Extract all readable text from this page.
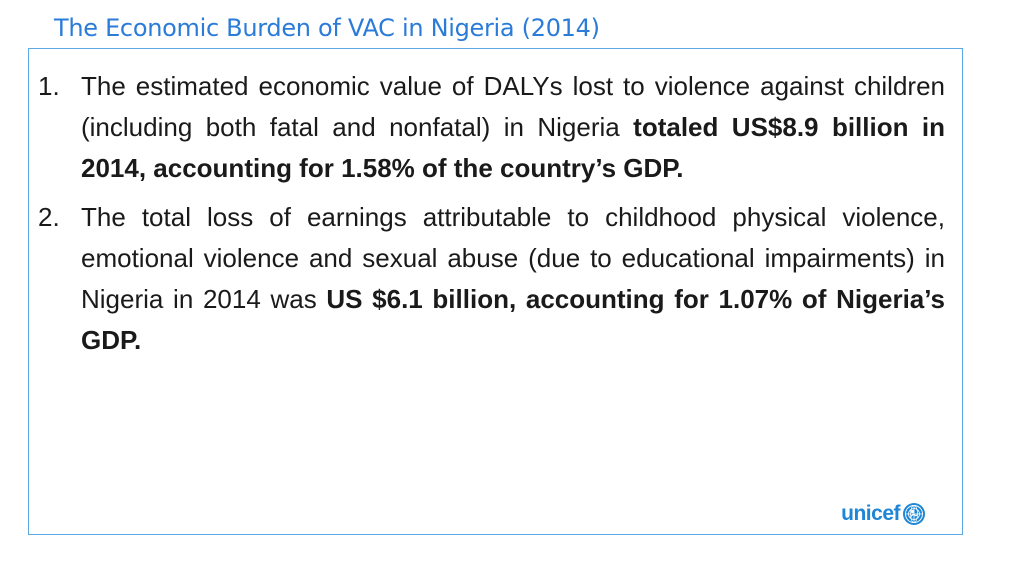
The Economic Burden of VAC in Nigeria (2014)
1. The estimated economic value of DALYs lost to violence against children (including both fatal and nonfatal) in Nigeria totaled US$8.9 billion in 2014, accounting for 1.58% of the country’s GDP.
2. The total loss of earnings attributable to childhood physical violence, emotional violence and sexual abuse (due to educational impairments) in Nigeria in 2014 was US $6.1 billion, accounting for 1.07% of Nigeria’s GDP.
unicef
